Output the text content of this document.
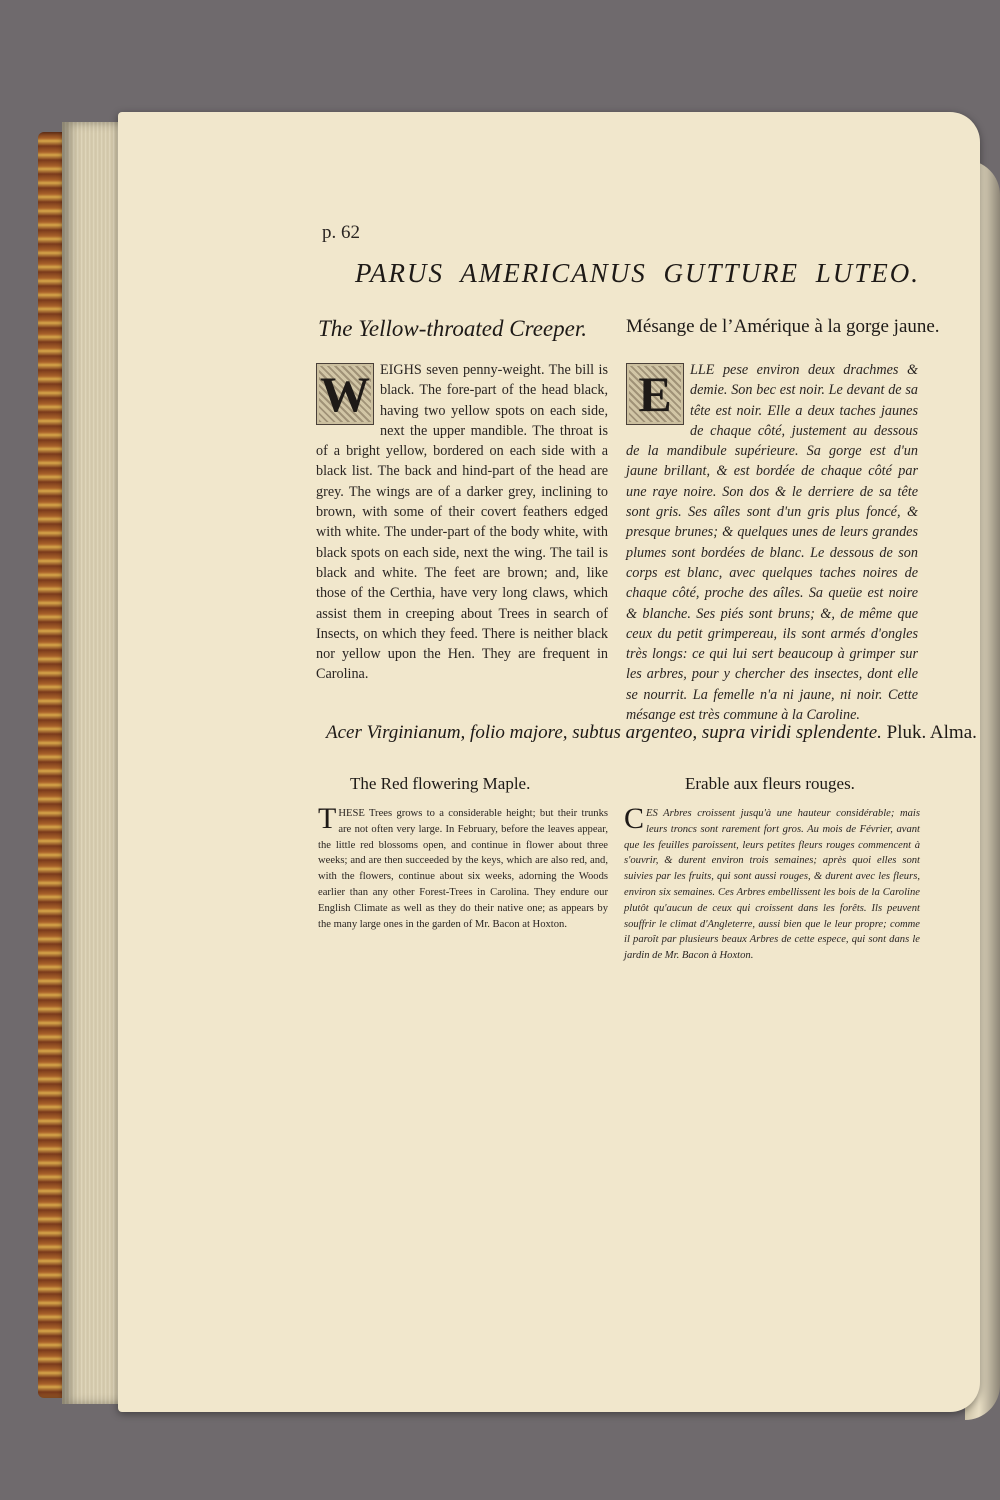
p. 62
PARUS AMERICANUS GUTTURE LUTEO.
The Yellow-throated Creeper. Mésange de l’Amérique à la gorge jaune.

W EIGHS seven penny-weight. The bill is black. The fore-part of the head black, having two yellow spots on each side, next the upper mandible. The throat is of a bright yellow, bordered on each side with a black list. The back and hind-part of the head are grey. The wings are of a darker grey, inclining to brown, with some of their covert feathers edged with white. The under-part of the body white, with black spots on each side, next the wing. The tail is black and white. The feet are brown; and, like those of the Certhia, have very long claws, which assist them in creeping about Trees in search of Insects, on which they feed. There is neither black nor yellow upon the Hen. They are frequent in Carolina.

E LLE pese environ deux drachmes & demie. Son bec est noir. Le devant de sa tête est noir. Elle a deux taches jaunes de chaque côté, justement au dessous de la mandibule supérieure. Sa gorge est d'un jaune brillant, & est bordée de chaque côté par une raye noire. Son dos & le derriere de sa tête sont gris. Ses aîles sont d'un gris plus foncé, & presque brunes; & quelques unes de leurs grandes plumes sont bordées de blanc. Le dessous de son corps est blanc, avec quelques taches noires de chaque côté, proche des aîles. Sa queüe est noire & blanche. Ses piés sont bruns; &, de même que ceux du petit grimpereau, ils sont armés d'ongles très longs: ce qui lui sert beaucoup à grimper sur les arbres, pour y chercher des insectes, dont elle se nourrit. La femelle n'a ni jaune, ni noir. Cette mésange est très commune à la Caroline.

Acer Virginianum, folio majore, subtus argenteo, supra viridi splendente. Pluk. Alma.
The Red flowering Maple.	Erable aux fleurs rouges.

THESE Trees grows to a considerable height; but their trunks are not often very large. In February, before the leaves appear, the little red blossoms open, and continue in flower about three weeks; and are then succeeded by the keys, which are also red, and, with the flowers, continue about six weeks, adorning the Woods earlier than any other Forest-Trees in Carolina. They endure our English Climate as well as they do their native one; as appears by the many large ones in the garden of Mr. Bacon at Hoxton.

CES Arbres croissent jusqu'à une hauteur considérable; mais leurs troncs sont rarement fort gros. Au mois de Février, avant que les feuilles paroissent, leurs petites fleurs rouges commencent à s'ouvrir, & durent environ trois semaines; après quoi elles sont suivies par les fruits, qui sont aussi rouges, & durent avec les fleurs, environ six semaines. Ces Arbres embellissent les bois de la Caroline plutôt qu'aucun de ceux qui croissent dans les forêts. Ils peuvent souffrir le climat d'Angleterre, aussi bien que le leur propre; comme il paroît par plusieurs beaux Arbres de cette espece, qui sont dans le jardin de Mr. Bacon à Hoxton.
